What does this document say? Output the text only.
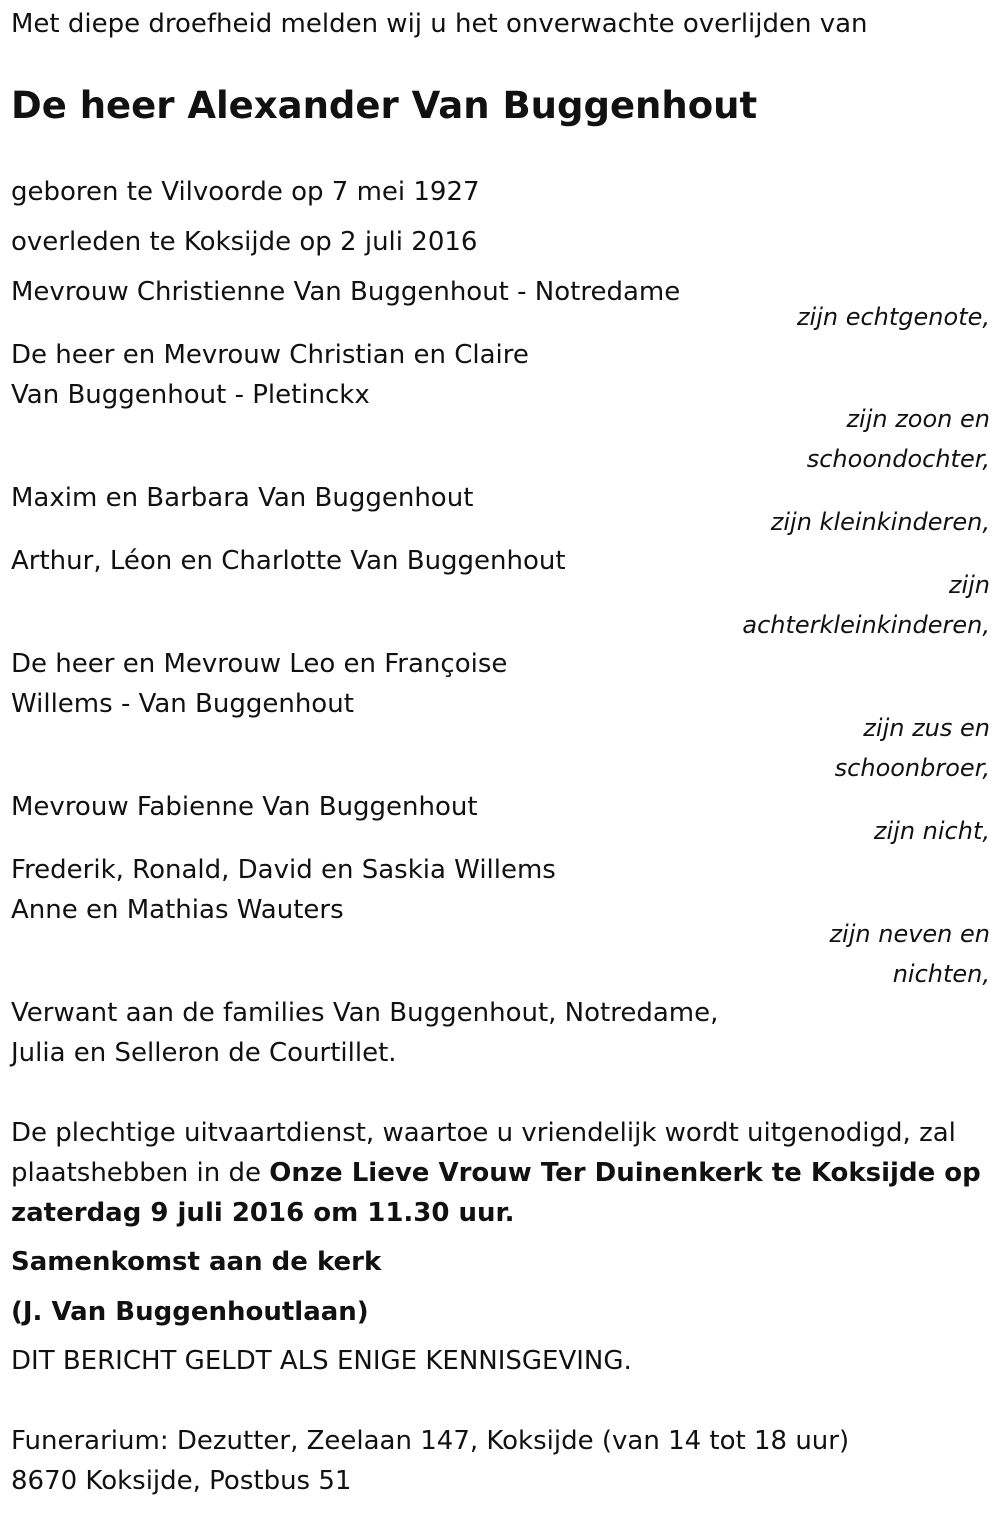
Met diepe droefheid melden wij u het onverwachte overlijden van
De heer Alexander Van Buggenhout
geboren te Vilvoorde op 7 mei 1927
overleden te Koksijde op 2 juli 2016
Mevrouw Christienne Van Buggenhout - Notredame
zijn echtgenote,
De heer en Mevrouw Christian en Claire
Van Buggenhout - Pletinckx
zijn zoon en
schoondochter,
Maxim en Barbara Van Buggenhout
zijn kleinkinderen,
Arthur, Léon en Charlotte Van Buggenhout
zijn
achterkleinkinderen,
De heer en Mevrouw Leo en Françoise
Willems - Van Buggenhout
zijn zus en
schoonbroer,
Mevrouw Fabienne Van Buggenhout
zijn nicht,
Frederik, Ronald, David en Saskia Willems
Anne en Mathias Wauters
zijn neven en
nichten,
Verwant aan de families Van Buggenhout, Notredame,
Julia en Selleron de Courtillet.
De plechtige uitvaartdienst, waartoe u vriendelijk wordt uitgenodigd, zal
plaatshebben in de Onze Lieve Vrouw Ter Duinenkerk te Koksijde op
zaterdag 9 juli 2016 om 11.30 uur.
Samenkomst aan de kerk
(J. Van Buggenhoutlaan)
DIT BERICHT GELDT ALS ENIGE KENNISGEVING.
Funerarium: Dezutter, Zeelaan 147, Koksijde (van 14 tot 18 uur)
8670 Koksijde, Postbus 51
